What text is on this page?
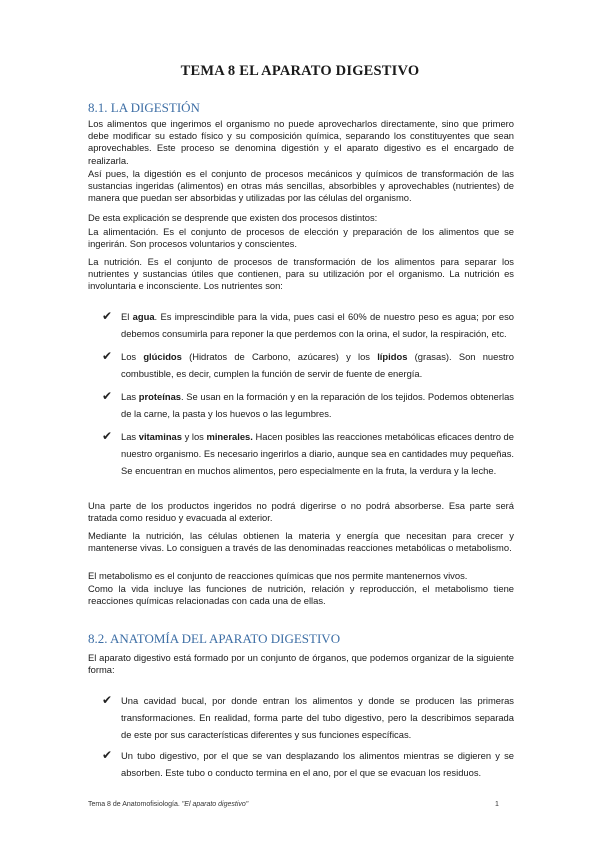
TEMA 8 EL APARATO DIGESTIVO
8.1. LA DIGESTIÓN

Los alimentos que ingerimos el organismo no puede aprovecharlos directamente, sino que primero debe modificar su estado físico y su composición química, separando los constituyentes que sean aprovechables. Este proceso se denomina digestión y el aparato digestivo es el encargado de realizarla.

Así pues, la digestión es el conjunto de procesos mecánicos y químicos de transformación de las sustancias ingeridas (alimentos) en otras más sencillas, absorbibles y aprovechables (nutrientes) de manera que puedan ser absorbidas y utilizadas por las células del organismo.

De esta explicación se desprende que existen dos procesos distintos:

La alimentación. Es el conjunto de procesos de elección y preparación de los alimentos que se ingerirán. Son procesos voluntarios y conscientes.

La nutrición. Es el conjunto de procesos de transformación de los alimentos para separar los nutrientes y sustancias útiles que contienen, para su utilización por el organismo. La nutrición es involuntaria e inconsciente. Los nutrientes son:

✔ El agua. Es imprescindible para la vida, pues casi el 60% de nuestro peso es agua; por eso debemos consumirla para reponer la que perdemos con la orina, el sudor, la respiración, etc.
✔ Los glúcidos (Hidratos de Carbono, azúcares) y los lípidos (grasas). Son nuestro combustible, es decir, cumplen la función de servir de fuente de energía.
✔ Las proteínas. Se usan en la formación y en la reparación de los tejidos. Podemos obtenerlas de la carne, la pasta y los huevos o las legumbres.
✔ Las vitaminas y los minerales. Hacen posibles las reacciones metabólicas eficaces dentro de nuestro organismo. Es necesario ingerirlos a diario, aunque sea en cantidades muy pequeñas. Se encuentran en muchos alimentos, pero especialmente en la fruta, la verdura y la leche.

Una parte de los productos ingeridos no podrá digerirse o no podrá absorberse. Esa parte será tratada como residuo y evacuada al exterior.

Mediante la nutrición, las células obtienen la materia y energía que necesitan para crecer y mantenerse vivas. Lo consiguen a través de las denominadas reacciones metabólicas o metabolismo.

El metabolismo es el conjunto de reacciones químicas que nos permite mantenernos vivos.

Como la vida incluye las funciones de nutrición, relación y reproducción, el metabolismo tiene reacciones químicas relacionadas con cada una de ellas.

8.2. ANATOMÍA DEL APARATO DIGESTIVO

El aparato digestivo está formado por un conjunto de órganos, que podemos organizar de la siguiente forma:

✔ Una cavidad bucal, por donde entran los alimentos y donde se producen las primeras transformaciones. En realidad, forma parte del tubo digestivo, pero la describimos separada de este por sus características diferentes y sus funciones específicas.
✔ Un tubo digestivo, por el que se van desplazando los alimentos mientras se digieren y se absorben. Este tubo o conducto termina en el ano, por el que se evacuan los residuos.
Tema 8 de Anatomofisiología. "El aparato digestivo"	1
